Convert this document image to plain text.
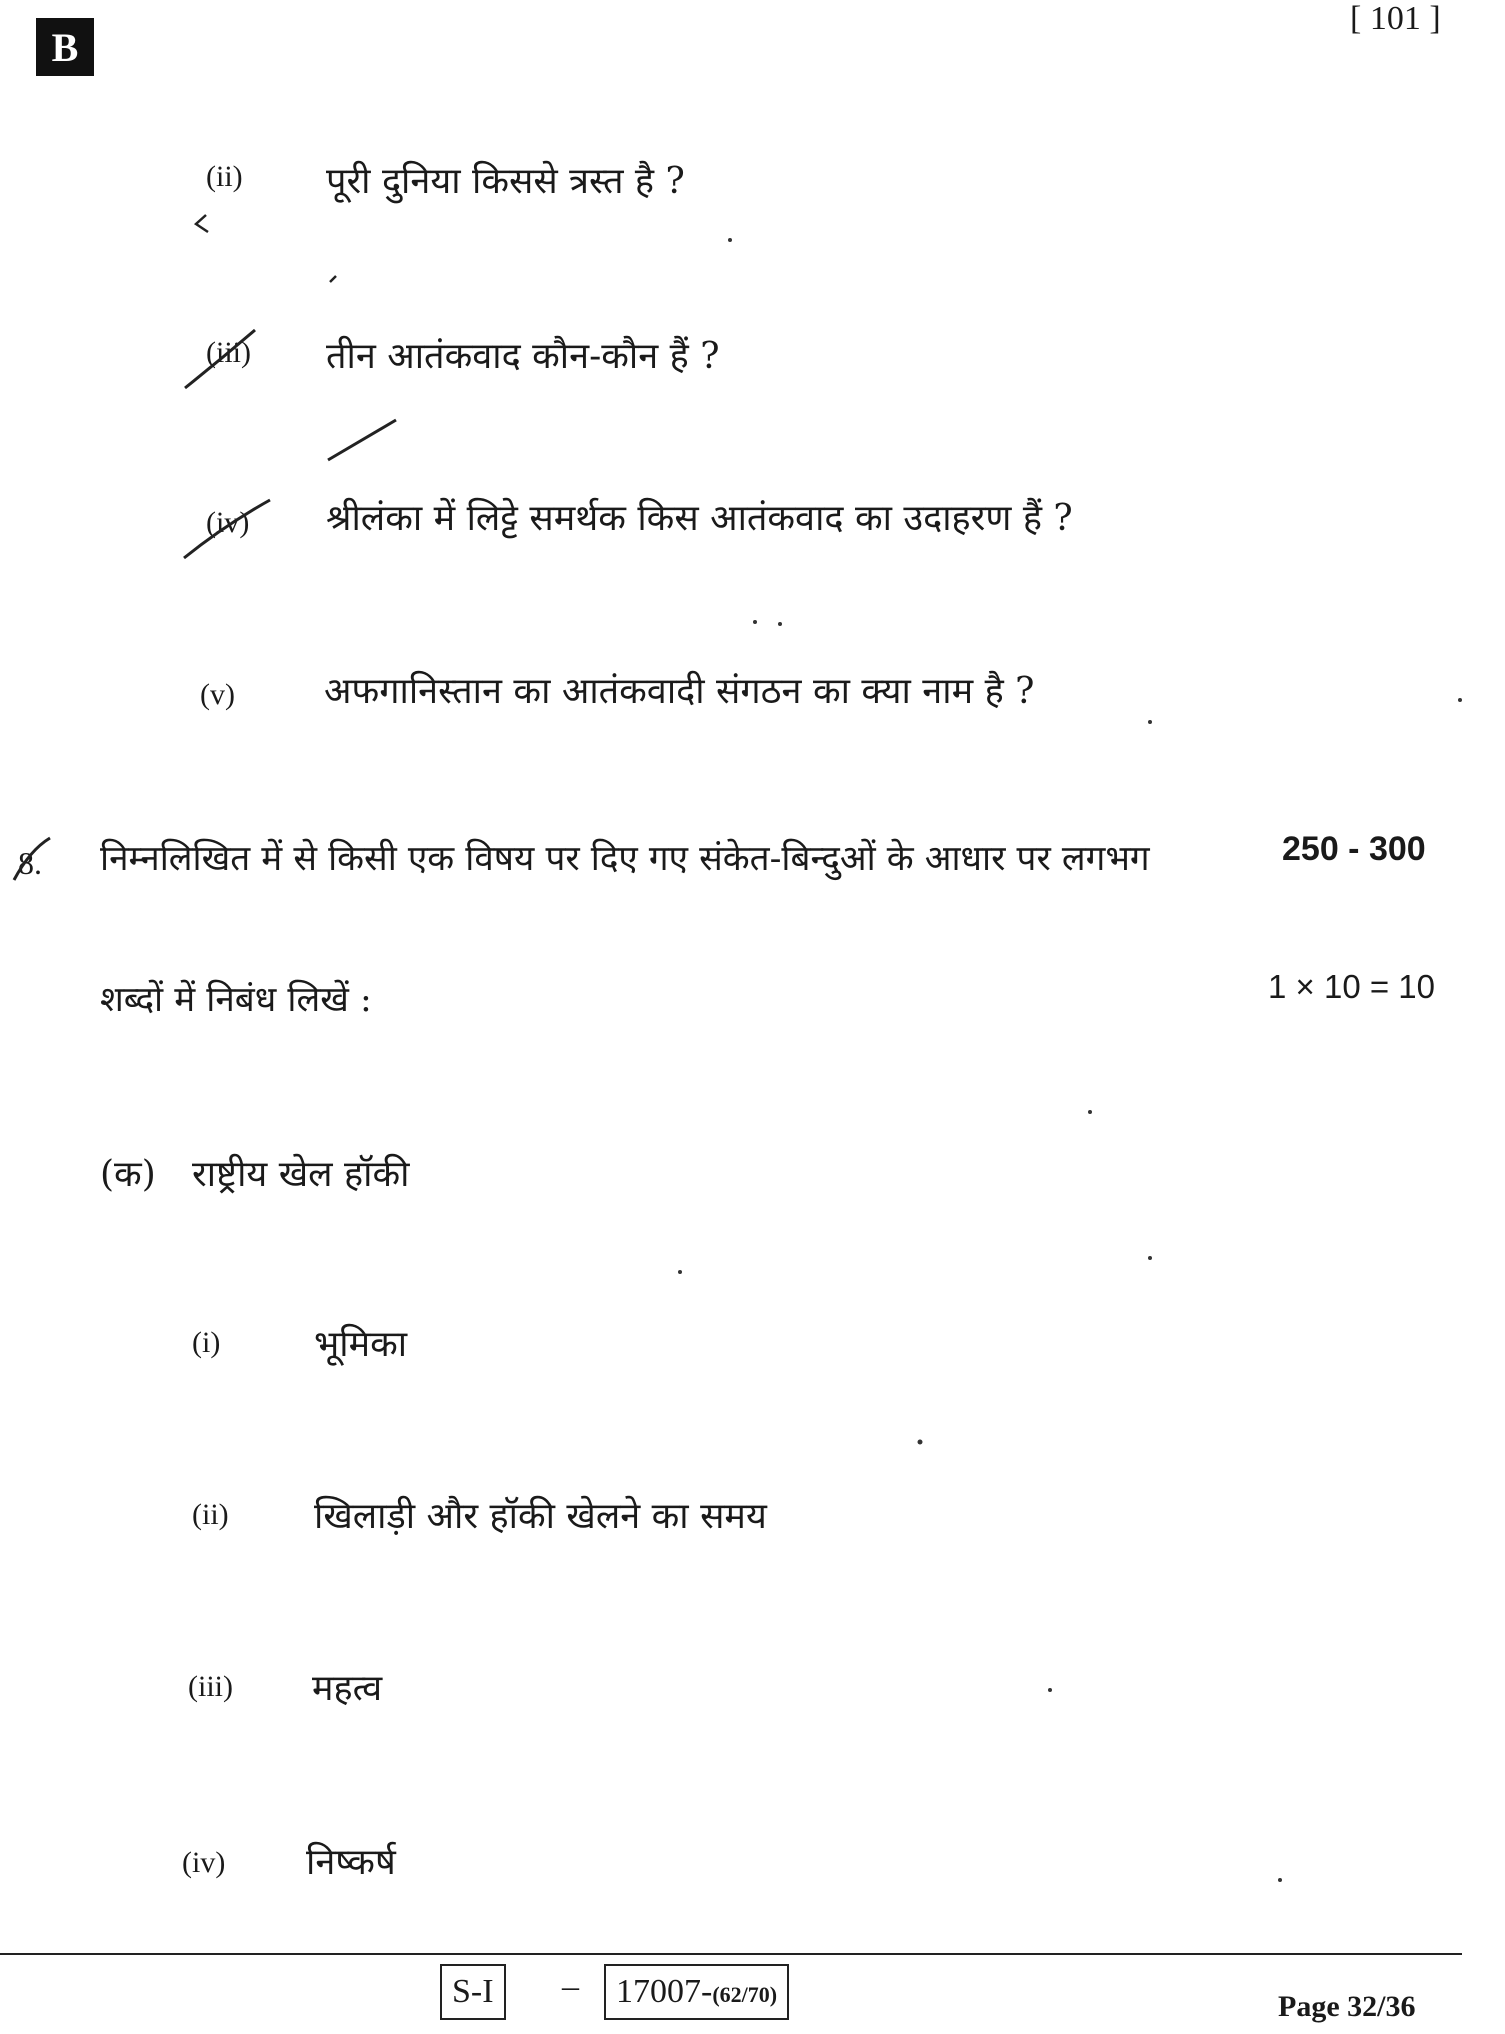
B
[ 101 ]
(ii) पूरी दुनिया किससे त्रस्त है ?
(iii) तीन आतंकवाद कौन-कौन हैं ?
(iv) श्रीलंका में लिट्टे समर्थक किस आतंकवाद का उदाहरण हैं ?
(v) अफगानिस्तान का आतंकवादी संगठन का क्या नाम है ?
8. निम्नलिखित में से किसी एक विषय पर दिए गए संकेत-बिन्दुओं के आधार पर लगभग	250 - 300
शब्दों में निबंध लिखें :	1 × 10 = 10
(क) राष्ट्रीय खेल हॉकी
(i)	भूमिका
(ii) खिलाड़ी और हॉकी खेलने का समय
(iii) महत्व
(iv) निष्कर्ष
S-I	–	17007-(62/70)	Page 32/36
